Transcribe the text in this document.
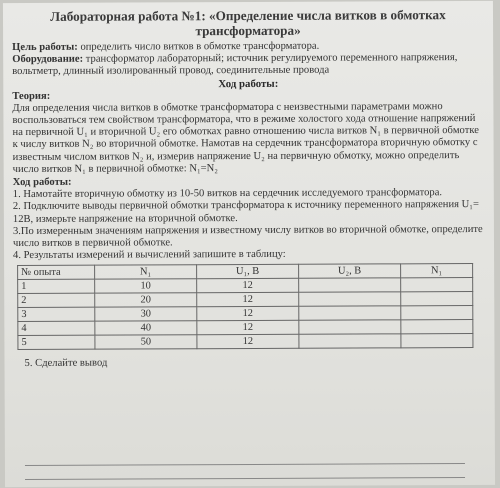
Лабораторная работа №1: «Определение числа витков в обмотках трансформатора»
Цель работы: определить число витков в обмотке трансформатора.
Оборудование: трансформатор лабораторный; источник регулируемого переменного напряжения, вольтметр, длинный изолированный провод, соединительные провода
Ход работы:
Теория:
Для определения числа витков в обмотке трансформатора с неизвестными параметрами можно воспользоваться тем свойством трансформатора, что в режиме холостого хода отношение напряжений на первичной U₁ и вторичной U₂ его обмотках равно отношению числа витков N₁ в первичной обмотке к числу витков N₂ во вторичной обмотке. Намотав на сердечник трансформатора вторичную обмотку с известным числом витков N₂ и, измерив напряжение U₂ на первичную обмотку, можно определить число витков N₁ в первичной обмотке: N₁=N₂
Ход работы:
1. Намотайте вторичную обмотку из 10-50 витков на сердечник исследуемого трансформатора.
2. Подключите выводы первичной обмотки трансформатора к источнику переменного напряжения U₁= 12В, измерьте напряжение на вторичной обмотке.
3.По измеренным значениям напряжения и известному числу витков во вторичной обмотке, определите число витков в первичной обмотке.
4. Результаты измерений и вычислений запишите в таблицу:
№ опыта	N₁	U₁, B	U₂, B	N₁
1	10	12		
2	20	12		
3	30	12		
4	40	12		
5	50	12		
5. Сделайте вывод
